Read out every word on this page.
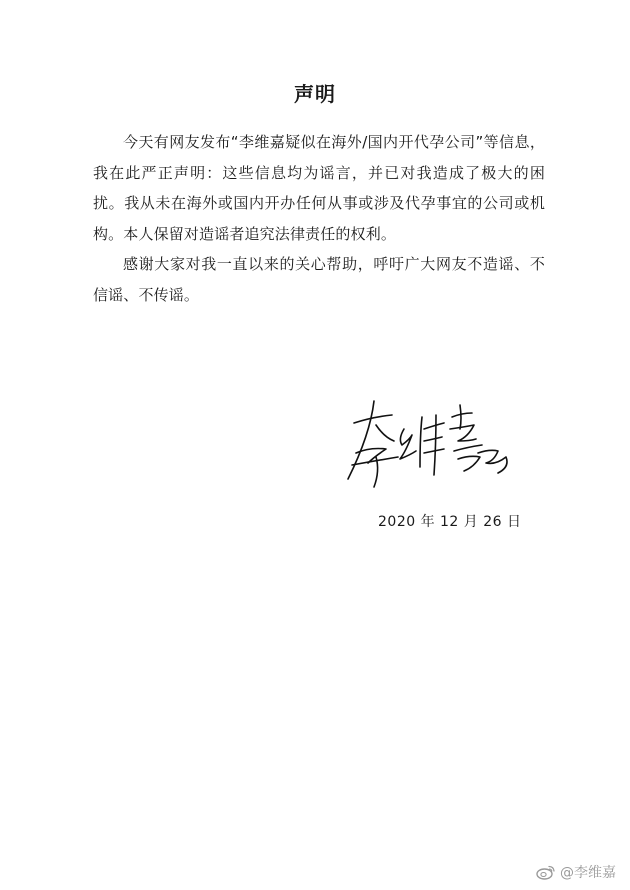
声明

今天有网友发布“李维嘉疑似在海外/国内开代孕公司”等信息，我在此严正声明：这些信息均为谣言，并已对我造成了极大的困扰。我从未在海外或国内开办任何从事或涉及代孕事宜的公司或机构。本人保留对造谣者追究法律责任的权利。

感谢大家对我一直以来的关心帮助，呼吁广大网友不造谣、不信谣、不传谣。

2020 年 12 月 26 日
@李维嘉
